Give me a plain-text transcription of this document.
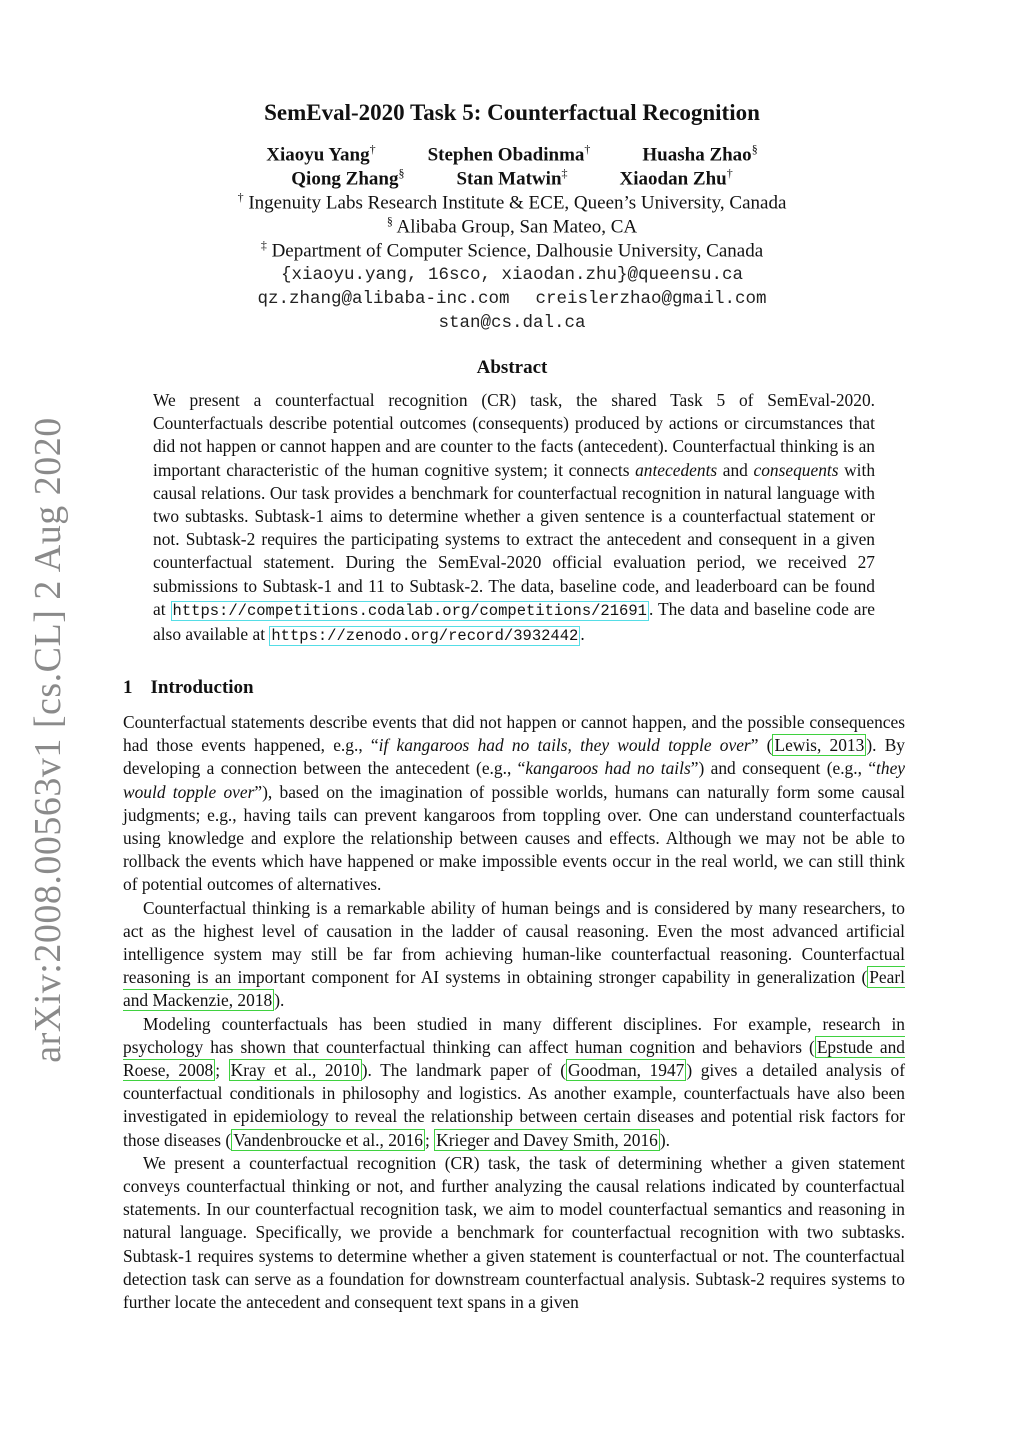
arXiv:2008.00563v1 [cs.CL] 2 Aug 2020
SemEval-2020 Task 5: Counterfactual Recognition
Xiaoyu Yang†	Stephen Obadinma†	Huasha Zhao§
Qiong Zhang§	Stan Matwin‡	Xiaodan Zhu†
† Ingenuity Labs Research Institute & ECE, Queen’s University, Canada
§ Alibaba Group, San Mateo, CA
‡ Department of Computer Science, Dalhousie University, Canada
{xiaoyu.yang, 16sco, xiaodan.zhu}@queensu.ca
qz.zhang@alibaba-inc.com creislerzhao@gmail.com
stan@cs.dal.ca
Abstract
We present a counterfactual recognition (CR) task, the shared Task 5 of SemEval-2020. Counterfactuals describe potential outcomes (consequents) produced by actions or circumstances that did not happen or cannot happen and are counter to the facts (antecedent). Counterfactual thinking is an important characteristic of the human cognitive system; it connects antecedents and consequents with causal relations. Our task provides a benchmark for counterfactual recognition in natural language with two subtasks. Subtask-1 aims to determine whether a given sentence is a counterfactual statement or not. Subtask-2 requires the participating systems to extract the antecedent and consequent in a given counterfactual statement. During the SemEval-2020 official evaluation period, we received 27 submissions to Subtask-1 and 11 to Subtask-2. The data, baseline code, and leaderboard can be found at https://competitions.codalab.org/competitions/21691 . The data and baseline code are also available at https://zenodo.org/record/3932442 .
1 Introduction

Counterfactual statements describe events that did not happen or cannot happen, and the possible consequences had those events happened, e.g., “if kangaroos had no tails, they would topple over” ( Lewis, 2013 ). By developing a connection between the antecedent (e.g., “kangaroos had no tails”) and consequent (e.g., “they would topple over”), based on the imagination of possible worlds, humans can naturally form some causal judgments; e.g., having tails can prevent kangaroos from toppling over. One can understand counterfactuals using knowledge and explore the relationship between causes and effects. Although we may not be able to rollback the events which have happened or make impossible events occur in the real world, we can still think of potential outcomes of alternatives.

Counterfactual thinking is a remarkable ability of human beings and is considered by many researchers, to act as the highest level of causation in the ladder of causal reasoning. Even the most advanced artificial intelligence system may still be far from achieving human-like counterfactual reasoning. Counterfactual reasoning is an important component for AI systems in obtaining stronger capability in generalization ( Pearl and Mackenzie, 2018 ).

Modeling counterfactuals has been studied in many different disciplines. For example, research in psychology has shown that counterfactual thinking can affect human cognition and behaviors ( Epstude and Roese, 2008 ; Kray et al., 2010 ). The landmark paper of ( Goodman, 1947 ) gives a detailed analysis of counterfactual conditionals in philosophy and logistics. As another example, counterfactuals have also been investigated in epidemiology to reveal the relationship between certain diseases and potential risk factors for those diseases ( Vandenbroucke et al., 2016 ; Krieger and Davey Smith, 2016 ).

We present a counterfactual recognition (CR) task, the task of determining whether a given statement conveys counterfactual thinking or not, and further analyzing the causal relations indicated by counterfactual statements. In our counterfactual recognition task, we aim to model counterfactual semantics and reasoning in natural language. Specifically, we provide a benchmark for counterfactual recognition with two subtasks. Subtask-1 requires systems to determine whether a given statement is counterfactual or not. The counterfactual detection task can serve as a foundation for downstream counterfactual analysis. Subtask-2 requires systems to further locate the antecedent and consequent text spans in a given
